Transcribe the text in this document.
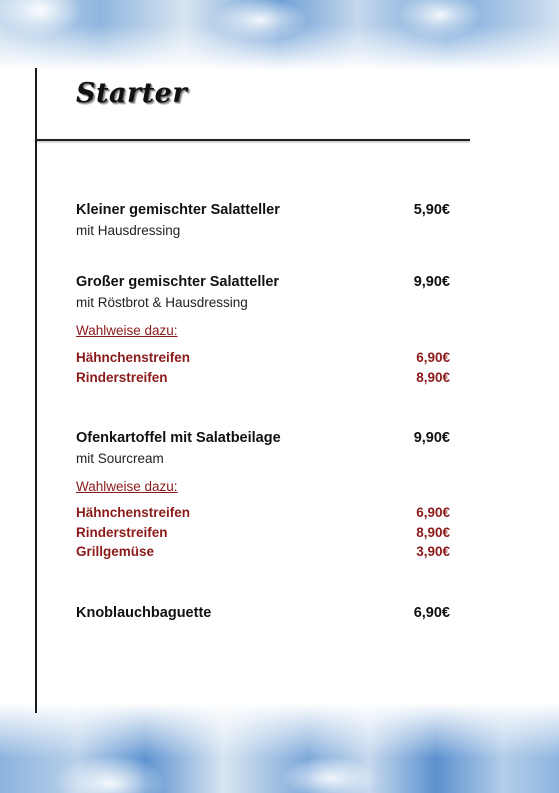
Starter
Kleiner gemischter Salatteller	5,90€
mit Hausdressing
Großer gemischter Salatteller	9,90€
mit Röstbrot & Hausdressing
Wahlweise dazu:
Hähnchenstreifen	6,90€
Rinderstreifen	8,90€
Ofenkartoffel mit Salatbeilage	9,90€
mit Sourcream
Wahlweise dazu:
Hähnchenstreifen	6,90€
Rinderstreifen	8,90€
Grillgemüse	3,90€
Knoblauchbaguette	6,90€
